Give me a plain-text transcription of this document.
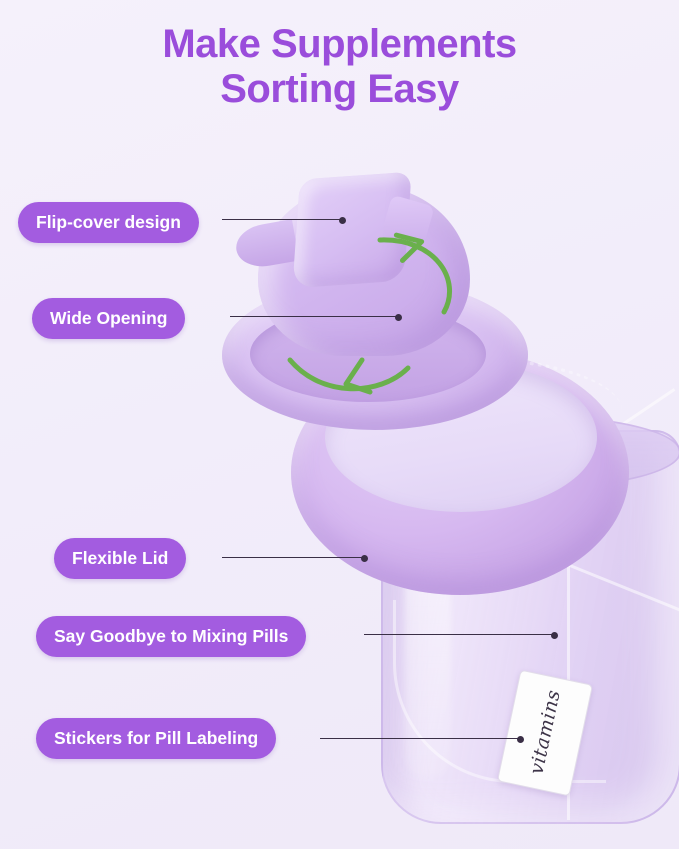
Make Supplements
Sorting Easy
vitamins
Flip-cover design
Wide Opening
Flexible Lid
Say Goodbye to Mixing Pills
Stickers for Pill Labeling
